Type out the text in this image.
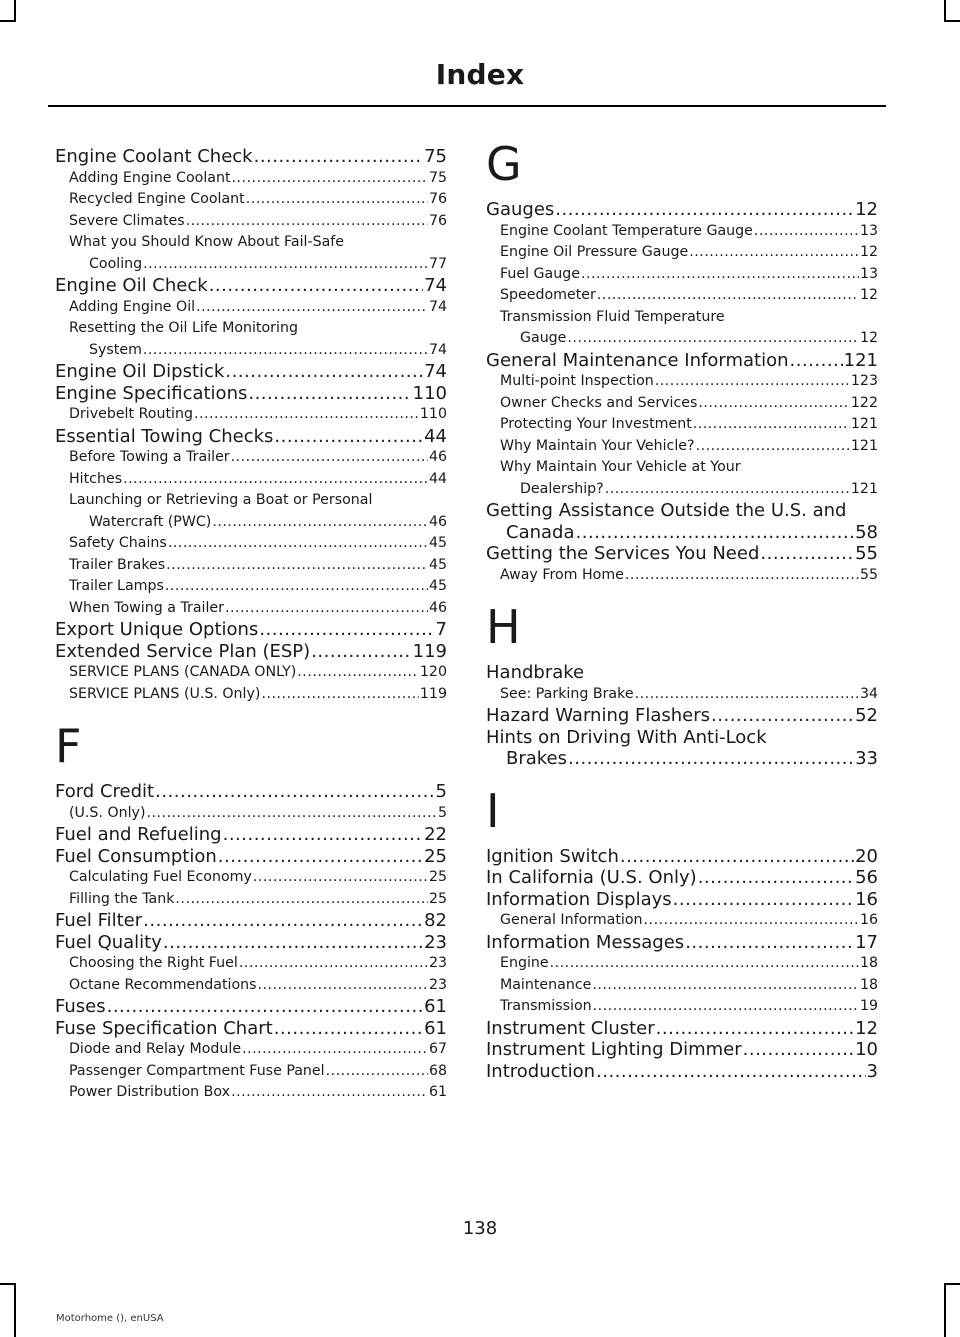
Index
Engine Coolant Check .....	75
Adding Engine Coolant .....	75
Recycled Engine Coolant .....	76
Severe Climates .....	76
What you Should Know About Fail-Safe
Cooling .....	77
Engine Oil Check .....	74
Adding Engine Oil .....	74
Resetting the Oil Life Monitoring
System .....	74
Engine Oil Dipstick .....	74
Engine Specifications .....	110
Drivebelt Routing .....	110
Essential Towing Checks .....	44
Before Towing a Trailer .....	46
Hitches .....	44
Launching or Retrieving a Boat or Personal
Watercraft (PWC) .....	46
Safety Chains .....	45
Trailer Brakes .....	45
Trailer Lamps .....	45
When Towing a Trailer .....	46
Export Unique Options .....	7
Extended Service Plan (ESP) .....	119
SERVICE PLANS (CANADA ONLY) .....	120
SERVICE PLANS (U.S. Only) .....	119
F
Ford Credit .....	5
(U.S. Only) .....	5
Fuel and Refueling .....	22
Fuel Consumption .....	25
Calculating Fuel Economy .....	25
Filling the Tank .....	25
Fuel Filter .....	82
Fuel Quality .....	23
Choosing the Right Fuel .....	23
Octane Recommendations .....	23
Fuses .....	61
Fuse Specification Chart .....	61
Diode and Relay Module .....	67
Passenger Compartment Fuse Panel .....	68
Power Distribution Box .....	61
G
Gauges .....	12
Engine Coolant Temperature Gauge .....	13
Engine Oil Pressure Gauge .....	12
Fuel Gauge .....	13
Speedometer .....	12
Transmission Fluid Temperature
Gauge .....	12
General Maintenance Information .....	121
Multi-point Inspection .....	123
Owner Checks and Services .....	122
Protecting Your Investment .....	121
Why Maintain Your Vehicle? .....	121
Why Maintain Your Vehicle at Your
Dealership? .....	121
Getting Assistance Outside the U.S. and
Canada .....	58
Getting the Services You Need .....	55
Away From Home .....	55
H
Handbrake
See: Parking Brake .....	34
Hazard Warning Flashers .....	52
Hints on Driving With Anti-Lock
Brakes .....	33
I
Ignition Switch .....	20
In California (U.S. Only) .....	56
Information Displays .....	16
General Information .....	16
Information Messages .....	17
Engine .....	18
Maintenance .....	18
Transmission .....	19
Instrument Cluster .....	12
Instrument Lighting Dimmer .....	10
Introduction .....	3
138
Motorhome (), enUSA
